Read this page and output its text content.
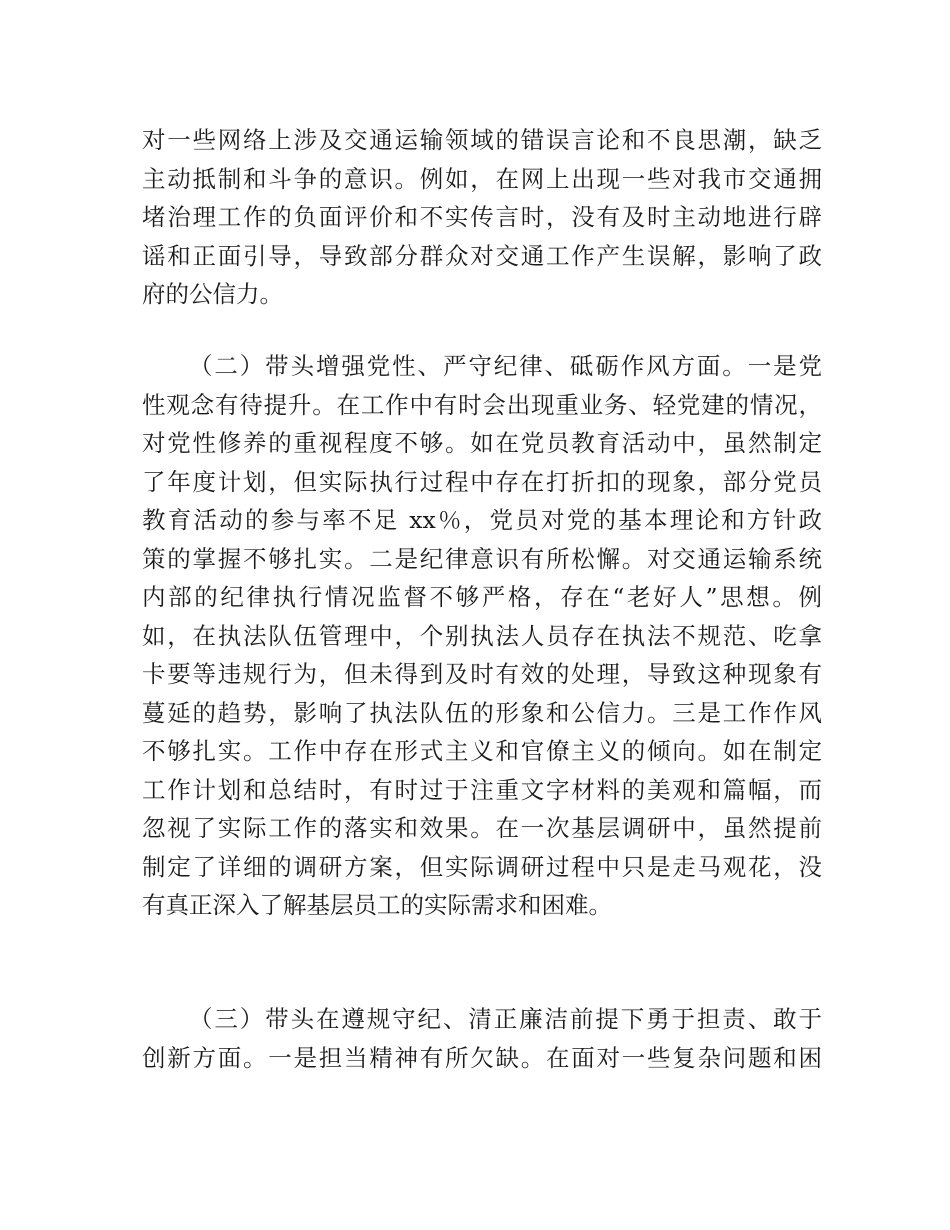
对一些网络上涉及交通运输领域的错误言论和不良思潮，缺乏
主动抵制和斗争的意识。例如，在网上出现一些对我市交通拥
堵治理工作的负面评价和不实传言时，没有及时主动地进行辟
谣和正面引导，导致部分群众对交通工作产生误解，影响了政
府的公信力。
（二）带头增强党性、严守纪律、砥砺作风方面。一是党
性观念有待提升。在工作中有时会出现重业务、轻党建的情况，
对党性修养的重视程度不够。如在党员教育活动中，虽然制定
了年度计划，但实际执行过程中存在打折扣的现象，部分党员
教育活动的参与率不足 xx％，党员对党的基本理论和方针政
策的掌握不够扎实。二是纪律意识有所松懈。对交通运输系统
内部的纪律执行情况监督不够严格，存在“老好人”思想。例
如，在执法队伍管理中，个别执法人员存在执法不规范、吃拿
卡要等违规行为，但未得到及时有效的处理，导致这种现象有
蔓延的趋势，影响了执法队伍的形象和公信力。三是工作作风
不够扎实。工作中存在形式主义和官僚主义的倾向。如在制定
工作计划和总结时，有时过于注重文字材料的美观和篇幅，而
忽视了实际工作的落实和效果。在一次基层调研中，虽然提前
制定了详细的调研方案，但实际调研过程中只是走马观花，没
有真正深入了解基层员工的实际需求和困难。
（三）带头在遵规守纪、清正廉洁前提下勇于担责、敢于
创新方面。一是担当精神有所欠缺。在面对一些复杂问题和困
